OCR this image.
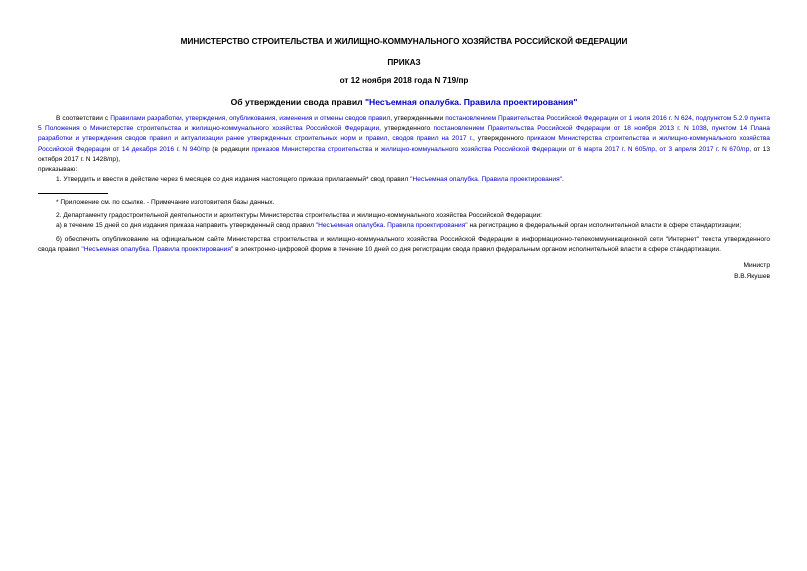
МИНИСТЕРСТВО СТРОИТЕЛЬСТВА И ЖИЛИЩНО-КОММУНАЛЬНОГО ХОЗЯЙСТВА РОССИЙСКОЙ ФЕДЕРАЦИИ
ПРИКАЗ
от 12 ноября 2018 года N 719/пр
Об утверждении свода правил "Несъемная опалубка. Правила проектирования"

В соответствии с Правилами разработки, утверждения, опубликования, изменения и отмены сводов правил, утвержденными постановлением Правительства Российской Федерации от 1 июля 2016 г. N 624, подпунктом 5.2.9 пункта 5 Положения о Министерстве строительства и жилищно-коммунального хозяйства Российской Федерации, утвержденного постановлением Правительства Российской Федерации от 18 ноября 2013 г. N 1038, пунктом 14 Плана разработки и утверждения сводов правил и актуализации ранее утвержденных строительных норм и правил, сводов правил на 2017 г., утвержденного приказом Министерства строительства и жилищно-коммунального хозяйства Российской Федерации от 14 декабря 2016 г. N 940/пр (в редакции приказов Министерства строительства и жилищно-коммунального хозяйства Российской Федерации от 6 марта 2017 г. N 605/пр, от 3 апреля 2017 г. N 670/пр, от 13 октября 2017 г. N 1428/пр),

приказываю:

1. Утвердить и ввести в действие через 6 месяцев со дня издания настоящего приказа прилагаемый* свод правил "Несъемная опалубка. Правила проектирования".

* Приложение см. по ссылке. - Примечание изготовителя базы данных.

2. Департаменту градостроительной деятельности и архитектуры Министерства строительства и жилищно-коммунального хозяйства Российской Федерации:

а) в течение 15 дней со дня издания приказа направить утвержденный свод правил "Несъемная опалубка. Правила проектирования" на регистрацию в федеральный орган исполнительной власти в сфере стандартизации;

б) обеспечить опубликование на официальном сайте Министерства строительства и жилищно-коммунального хозяйства Российской Федерации в информационно-телекоммуникационной сети "Интернет" текста утвержденного свода правил "Несъемная опалубка. Правила проектирования" в электронно-цифровой форме в течение 10 дней со дня регистрации свода правил федеральным органом исполнительной власти в сфере стандартизации.

Министр
В.В.Якушев
